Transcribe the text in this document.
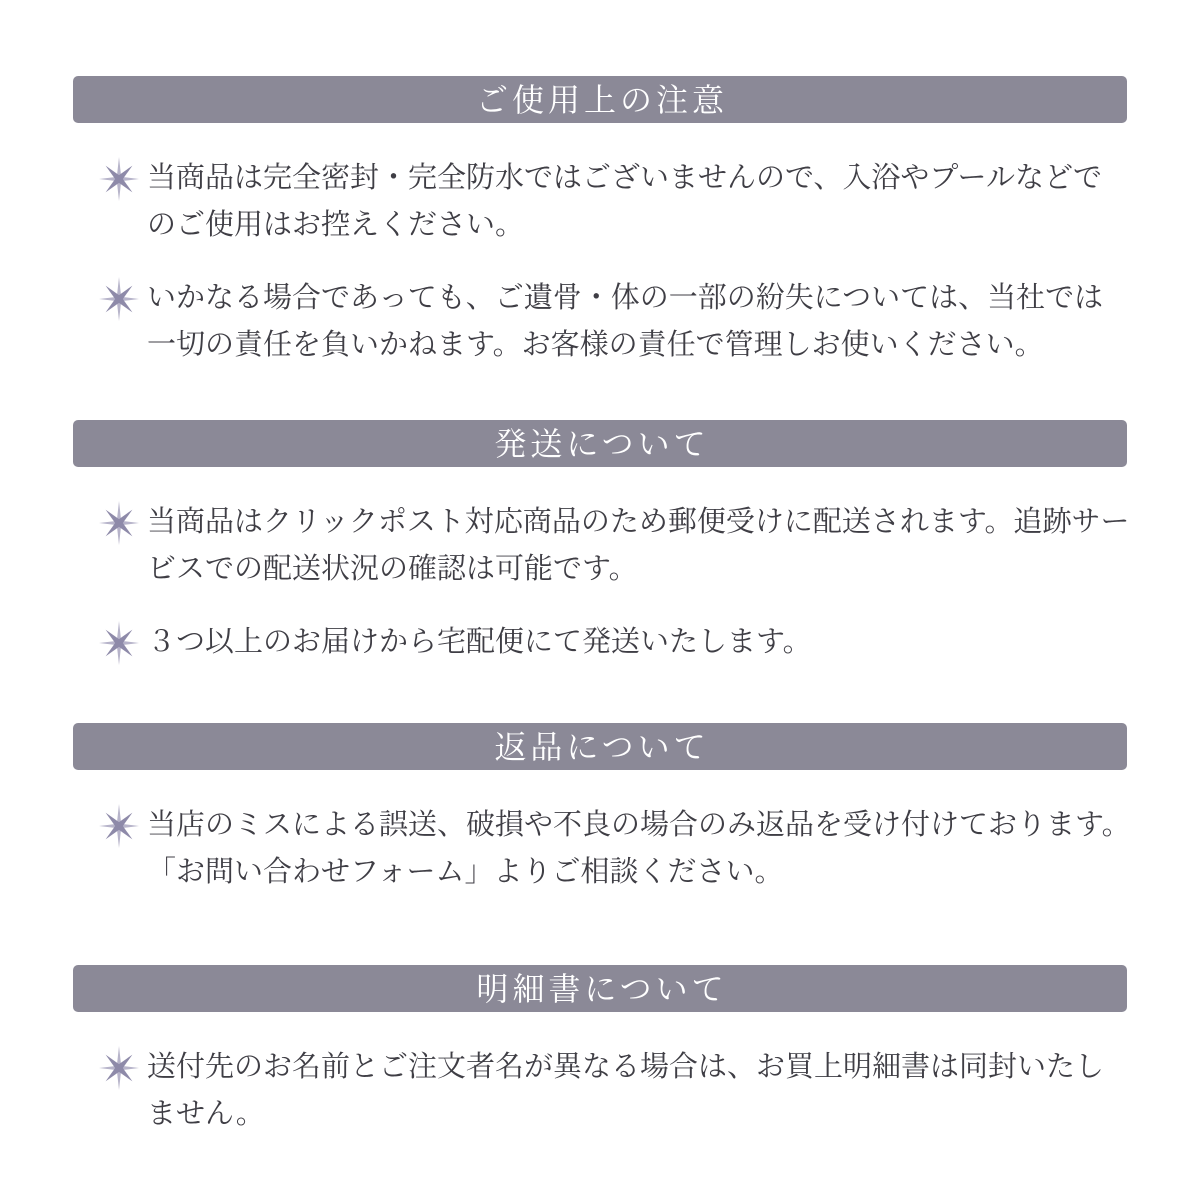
ご使用上の注意
当商品は完全密封・完全防水ではございませんので、入浴やプールなどで
のご使用はお控えください。
いかなる場合であっても、ご遺骨・体の一部の紛失については、当社では
一切の責任を負いかねます。お客様の責任で管理しお使いください。
発送について
当商品はクリックポスト対応商品のため郵便受けに配送されます。追跡サー
ビスでの配送状況の確認は可能です。
３つ以上のお届けから宅配便にて発送いたします。
返品について
当店のミスによる誤送、破損や不良の場合のみ返品を受け付けております。
「お問い合わせフォーム」よりご相談ください。
明細書について
送付先のお名前とご注文者名が異なる場合は、お買上明細書は同封いたし
ません。
